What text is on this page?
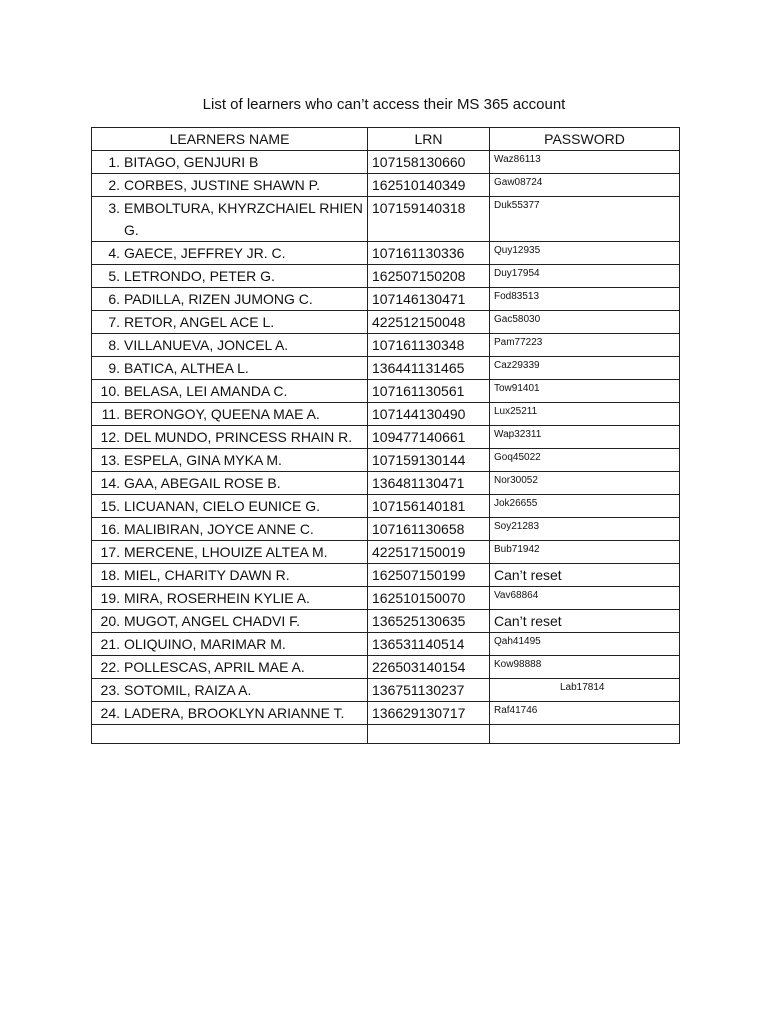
List of learners who can’t access their MS 365 account
LEARNERS NAME	LRN	PASSWORD

1. BITAGO, GENJURI B	107158130660	Waz86113

2. CORBES, JUSTINE SHAWN P.	162510140349	Gaw08724

3. EMBOLTURA, KHYRZCHAIEL RHIEN G.	107159140318	Duk55377

4. GAECE, JEFFREY JR. C.	107161130336	Quy12935

5. LETRONDO, PETER G.	162507150208	Duy17954

6. PADILLA, RIZEN JUMONG C.	107146130471	Fod83513

7. RETOR, ANGEL ACE L.	422512150048	Gac58030

8. VILLANUEVA, JONCEL A.	107161130348	Pam77223

9. BATICA, ALTHEA L.	136441131465	Caz29339

10. BELASA, LEI AMANDA C.	107161130561	Tow91401

11. BERONGOY, QUEENA MAE A.	107144130490	Lux25211

12. DEL MUNDO, PRINCESS RHAIN R.	109477140661	Wap32311

13. ESPELA, GINA MYKA M.	107159130144	Goq45022

14. GAA, ABEGAIL ROSE B.	136481130471	Nor30052

15. LICUANAN, CIELO EUNICE G.	107156140181	Jok26655

16. MALIBIRAN, JOYCE ANNE C.	107161130658	Soy21283

17. MERCENE, LHOUIZE ALTEA M.	422517150019	Bub71942

18. MIEL, CHARITY DAWN R.	162507150199	Can’t reset

19. MIRA, ROSERHEIN KYLIE A.	162510150070	Vav68864

20. MUGOT, ANGEL CHADVI F.	136525130635	Can’t reset

21. OLIQUINO, MARIMAR M.	136531140514	Qah41495

22. POLLESCAS, APRIL MAE A.	226503140154	Kow98888

23. SOTOMIL, RAIZA A.	136751130237	Lab17814

24. LADERA, BROOKLYN ARIANNE T.	136629130717	Raf41746
